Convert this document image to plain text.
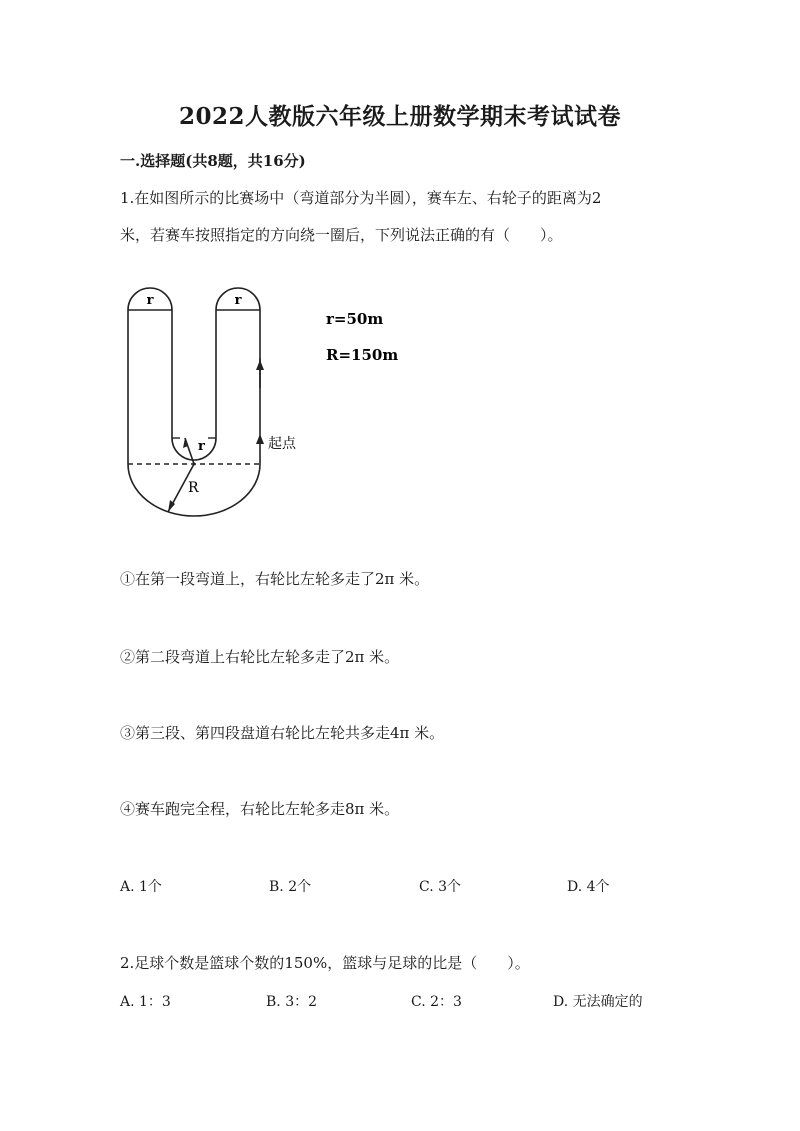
2022人教版六年级上册数学期末考试试卷
一.选择题(共8题，共16分)
1.在如图所示的比赛场中（弯道部分为半圆），赛车左、右轮子的距离为2
米，若赛车按照指定的方向绕一圈后，下列说法正确的有（　　）。
r	r
r
R
起点
r=50m
R=150m
①在第一段弯道上，右轮比左轮多走了2π 米。
②第二段弯道上右轮比左轮多走了2π 米。
③第三段、第四段盘道右轮比左轮共多走4π 米。
④赛车跑完全程，右轮比左轮多走8π 米。
A. 1个	B. 2个	C. 3个	D. 4个
2.足球个数是篮球个数的150%，篮球与足球的比是（　　）。
A. 1：3	B. 3：2	C. 2：3	D. 无法确定的
